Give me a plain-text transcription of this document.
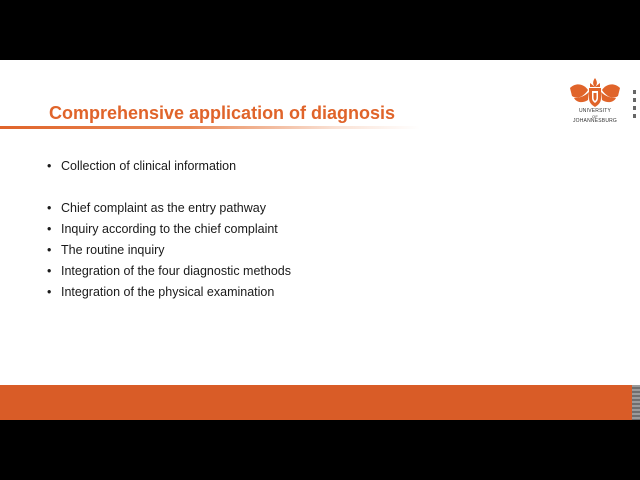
Comprehensive application of diagnosis	UNIVERSITY
OF
JOHANNESBURG
• Collection of clinical information
• Chief complaint as the entry pathway
• Inquiry according to the chief complaint
• The routine inquiry
• Integration of the four diagnostic methods
• Integration of the physical examination
